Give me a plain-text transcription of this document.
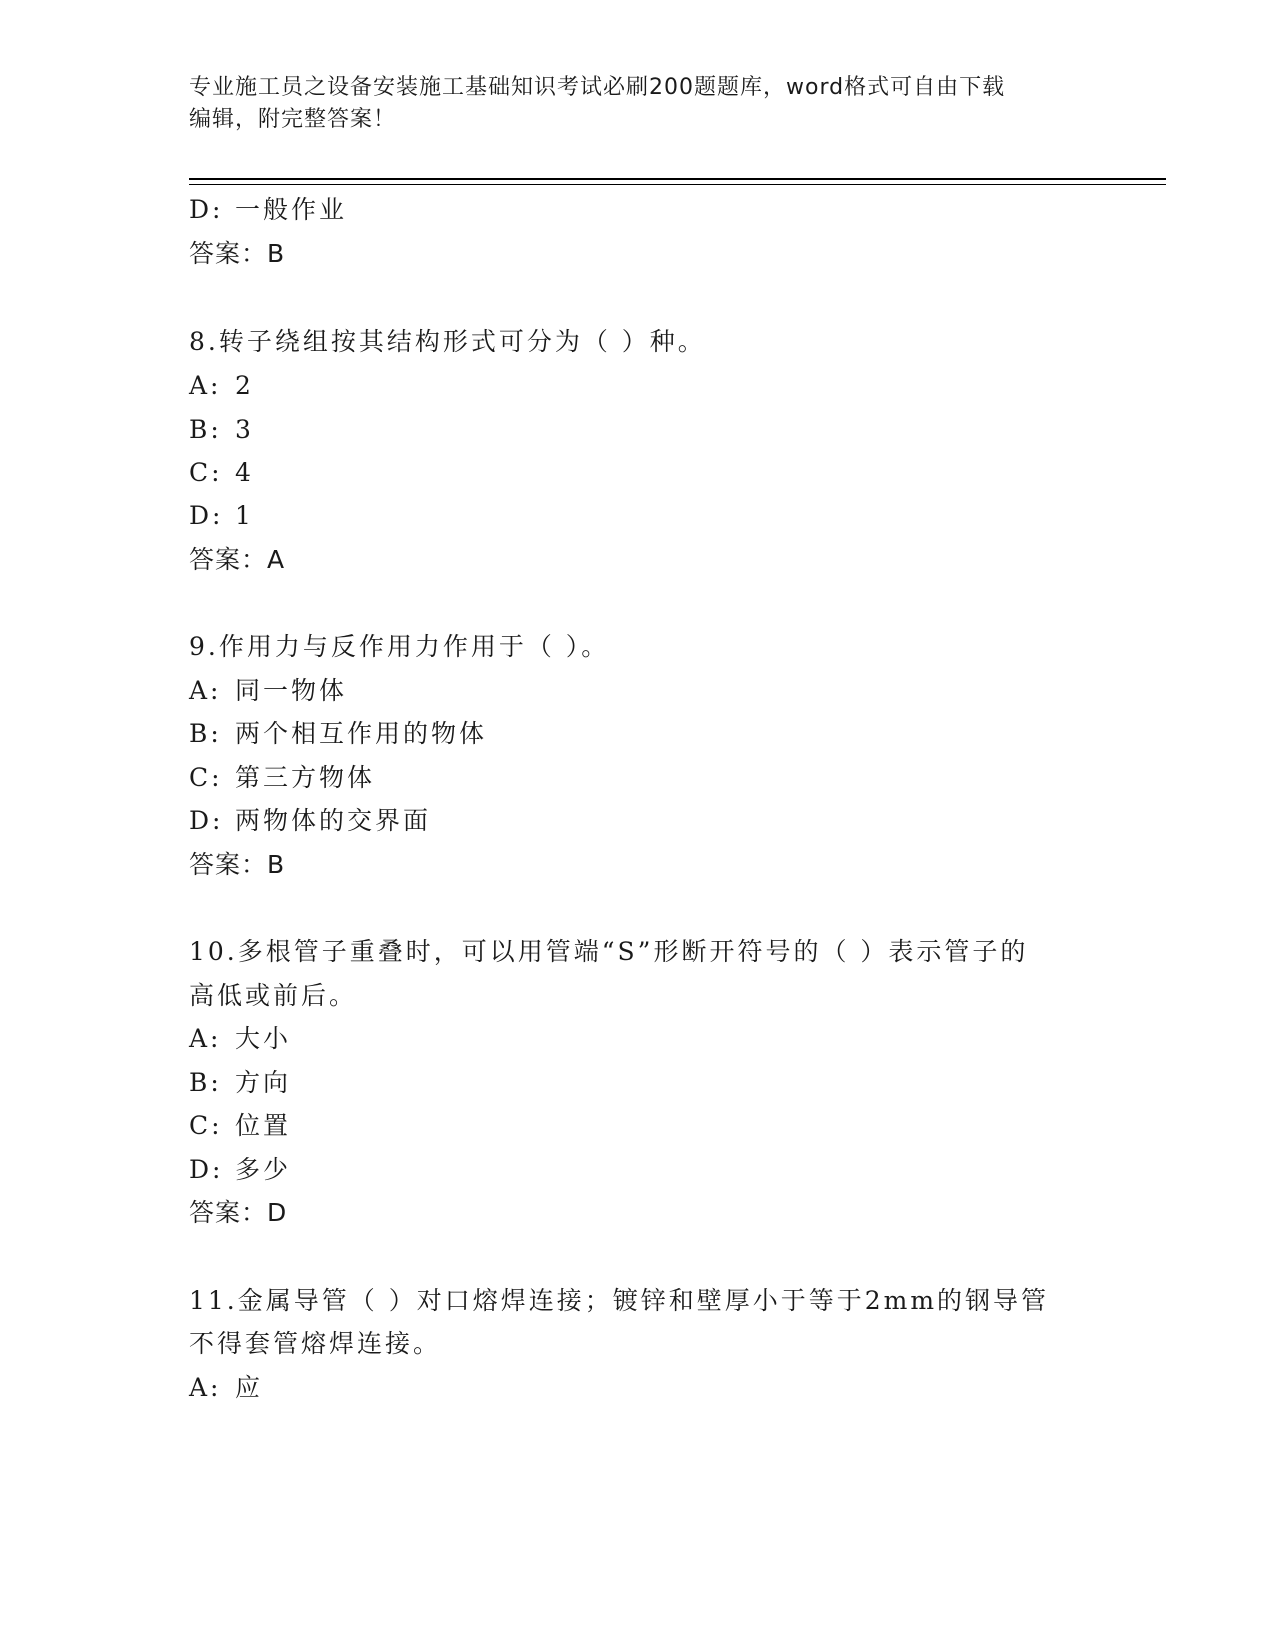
专业施工员之设备安装施工基础知识考试必刷200题题库，word格式可自由下载
编辑，附完整答案！
D: 一般作业
答案：B
8.转子绕组按其结构形式可分为（ ）种。
A: 2
B: 3
C: 4
D: 1
答案：A
9.作用力与反作用力作用于（ ）。
A: 同一物体
B: 两个相互作用的物体
C: 第三方物体
D: 两物体的交界面
答案：B
10.多根管子重叠时，可以用管端“S”形断开符号的（ ）表示管子的
高低或前后。
A: 大小
B: 方向
C: 位置
D: 多少
答案：D
11.金属导管（ ）对口熔焊连接；镀锌和壁厚小于等于2mm的钢导管
不得套管熔焊连接。
A: 应
